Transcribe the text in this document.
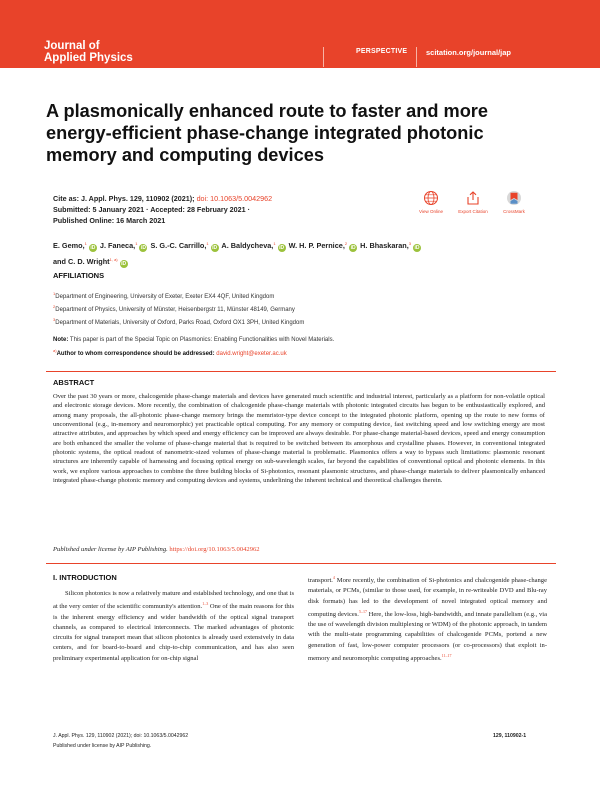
Journal of
Applied Physics
PERSPECTIVE	scitation.org/journal/jap
A plasmonically enhanced route to faster and more energy-efficient phase-change integrated photonic memory and computing devices
Cite as: J. Appl. Phys. 129, 110902 (2021); doi: 10.1063/5.0042962
Submitted: 5 January 2021 · Accepted: 28 February 2021 ·
Published Online: 16 March 2021
View Online	Export Citation	CrossMark
E. Gemo,$^1$iD J. Faneca,$^1$iD S. G.-C. Carrillo,$^1$iD A. Baldycheva,$^1$iD W. H. P. Pernice,$^2$iD H. Bhaskaran,$^3$iD
and C. D. Wright$^{1, a)}$iD
AFFILIATIONS
$^1$Department of Engineering, University of Exeter, Exeter EX4 4QF, United Kingdom
$^2$Department of Physics, University of Münster, Heisenbergstr 11, Münster 48149, Germany
$^3$Department of Materials, University of Oxford, Parks Road, Oxford OX1 3PH, United Kingdom
Note: This paper is part of the Special Topic on Plasmonics: Enabling Functionalities with Novel Materials.
$^{a)}$Author to whom correspondence should be addressed: david.wright@exeter.ac.uk
ABSTRACT
Over the past 30 years or more, chalcogenide phase-change materials and devices have generated much scientific and industrial interest, particularly as a platform for non-volatile optical and electronic storage devices. More recently, the combination of chalcogenide phase-change materials with photonic integrated circuits has begun to be enthusiastically explored, and among many proposals, the all-photonic phase-change memory brings the memristor-type device concept to the integrated photonic platform, opening up the route to new forms of unconventional (e.g., in-memory and neuromorphic) yet practicable optical computing. For any memory or computing device, fast switching speed and low switching energy are most attractive attributes, and approaches by which speed and energy efficiency can be improved are always desirable. For phase-change material-based devices, speed and energy consumption are both enhanced the smaller the volume of phase-change material that is required to be switched between its amorphous and crystalline phases. However, in conventional integrated photonic systems, the optical readout of nanometric-sized volumes of phase-change material is problematic. Plasmonics offers a way to bypass such limitations: plasmonic resonant structures are inherently capable of harnessing and focusing optical energy on sub-wavelength scales, far beyond the capabilities of conventional optical and photonic elements. In this work, we explore various approaches to combine the three building blocks of Si-photonics, resonant plasmonic structures, and phase-change materials to deliver plasmonically enhanced integrated phase-change photonic memory and computing devices and systems, underlining the inherent technical and theoretical challenges therein.
Published under license by AIP Publishing. https://doi.org/10.1063/5.0042962
I. INTRODUCTION
Silicon photonics is now a relatively mature and established technology, and one that is at the very center of the scientific community's attention.$^{1-3}$ One of the main reasons for this is the inherent energy efficiency and wider bandwidth of the optical signal transport channels, as compared to electrical interconnects. The marked advantages of photonic circuits for signal transport mean that silicon photonics is already used extensively in data centers, and for board-to-board and chip-to-chip communication, and has also seen preliminary experimental application for on-chip signal
transport.$^4$ More recently, the combination of Si-photonics and chalcogenide phase-change materials, or PCMs, (similar to those used, for example, in re-writeable DVD and Blu-ray disk formats) has led to the development of novel integrated optical memory and computing devices.$^{5-17}$ Here, the low-loss, high-bandwidth, and innate parallelism (e.g., via the use of wavelength division multiplexing or WDM) of the photonic approach, in tandem with the multi-state programming capabilities of chalcogenide PCMs, portend a new generation of fast, low-power computer processors (or co-processors) that exploit in-memory and neuromorphic computing approaches.$^{11-17}$
J. Appl. Phys. 129, 110902 (2021); doi: 10.1063/5.0042962
Published under license by AIP Publishing.
129, 110902-1
